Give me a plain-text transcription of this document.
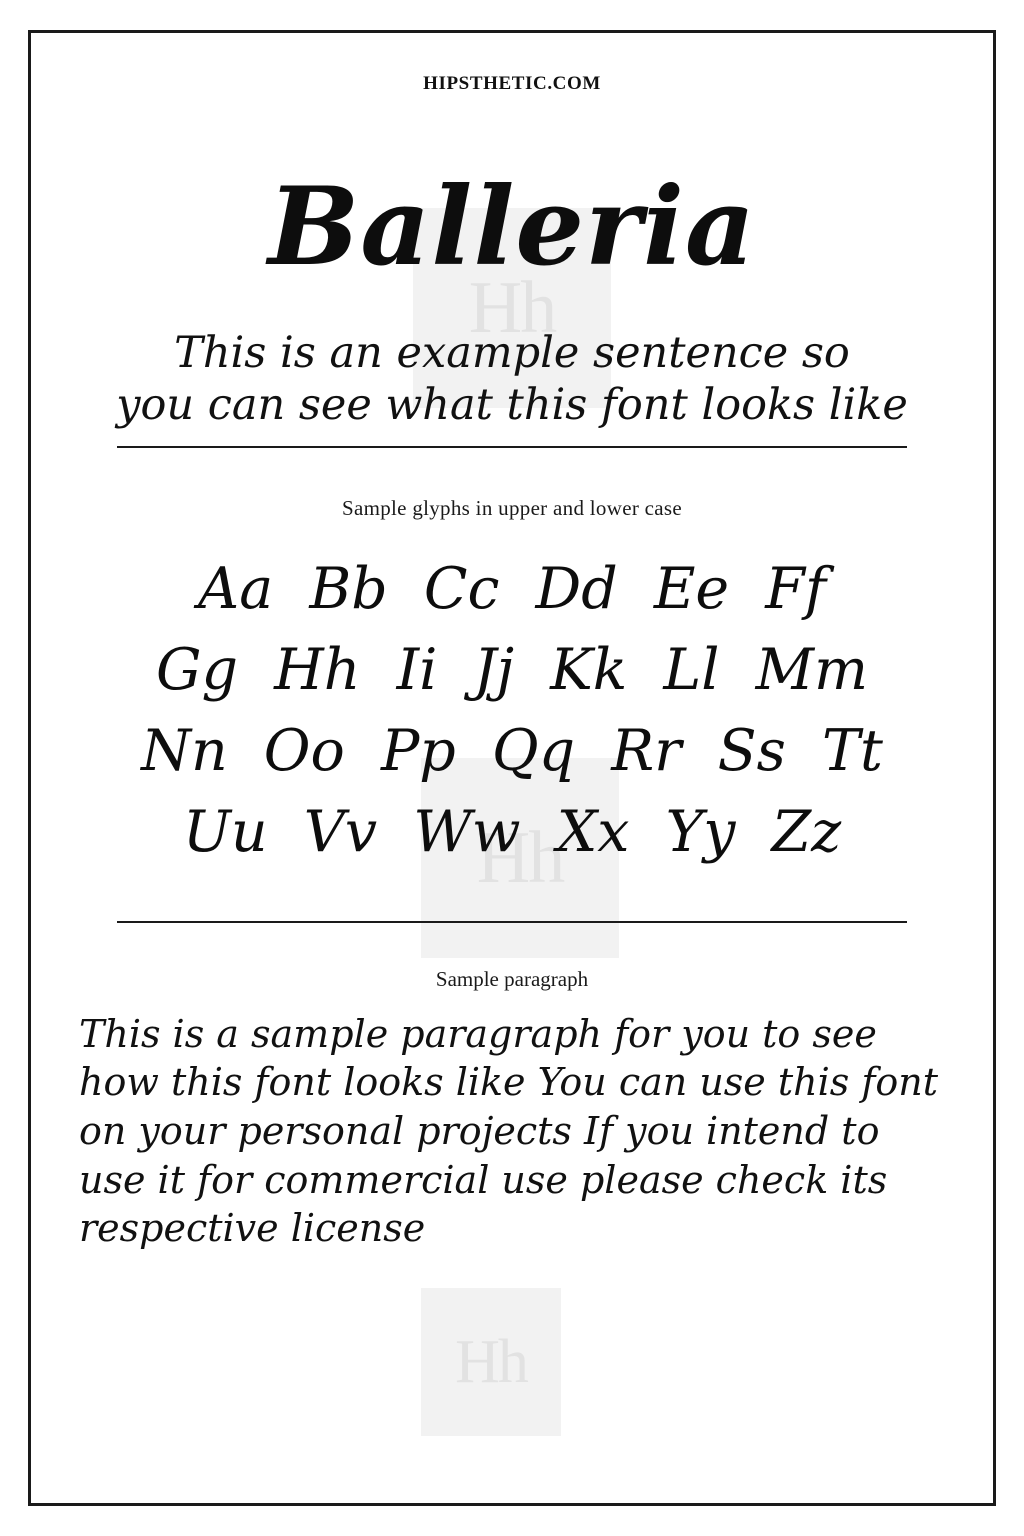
Hh
Hh
Hh
HIPSTHETIC.COM
Balleria
This is an example sentence so
you can see what this font looks like
Sample glyphs in upper and lower case
Aa Bb Cc Dd Ee Ff
Gg Hh Ii Jj Kk Ll Mm
Nn Oo Pp Qq Rr Ss Tt
Uu Vv Ww Xx Yy Zz
Sample paragraph
This is a sample paragraph for you to see how this font looks like You can use this font on your personal projects If you intend to use it for commercial use please check its respective license
